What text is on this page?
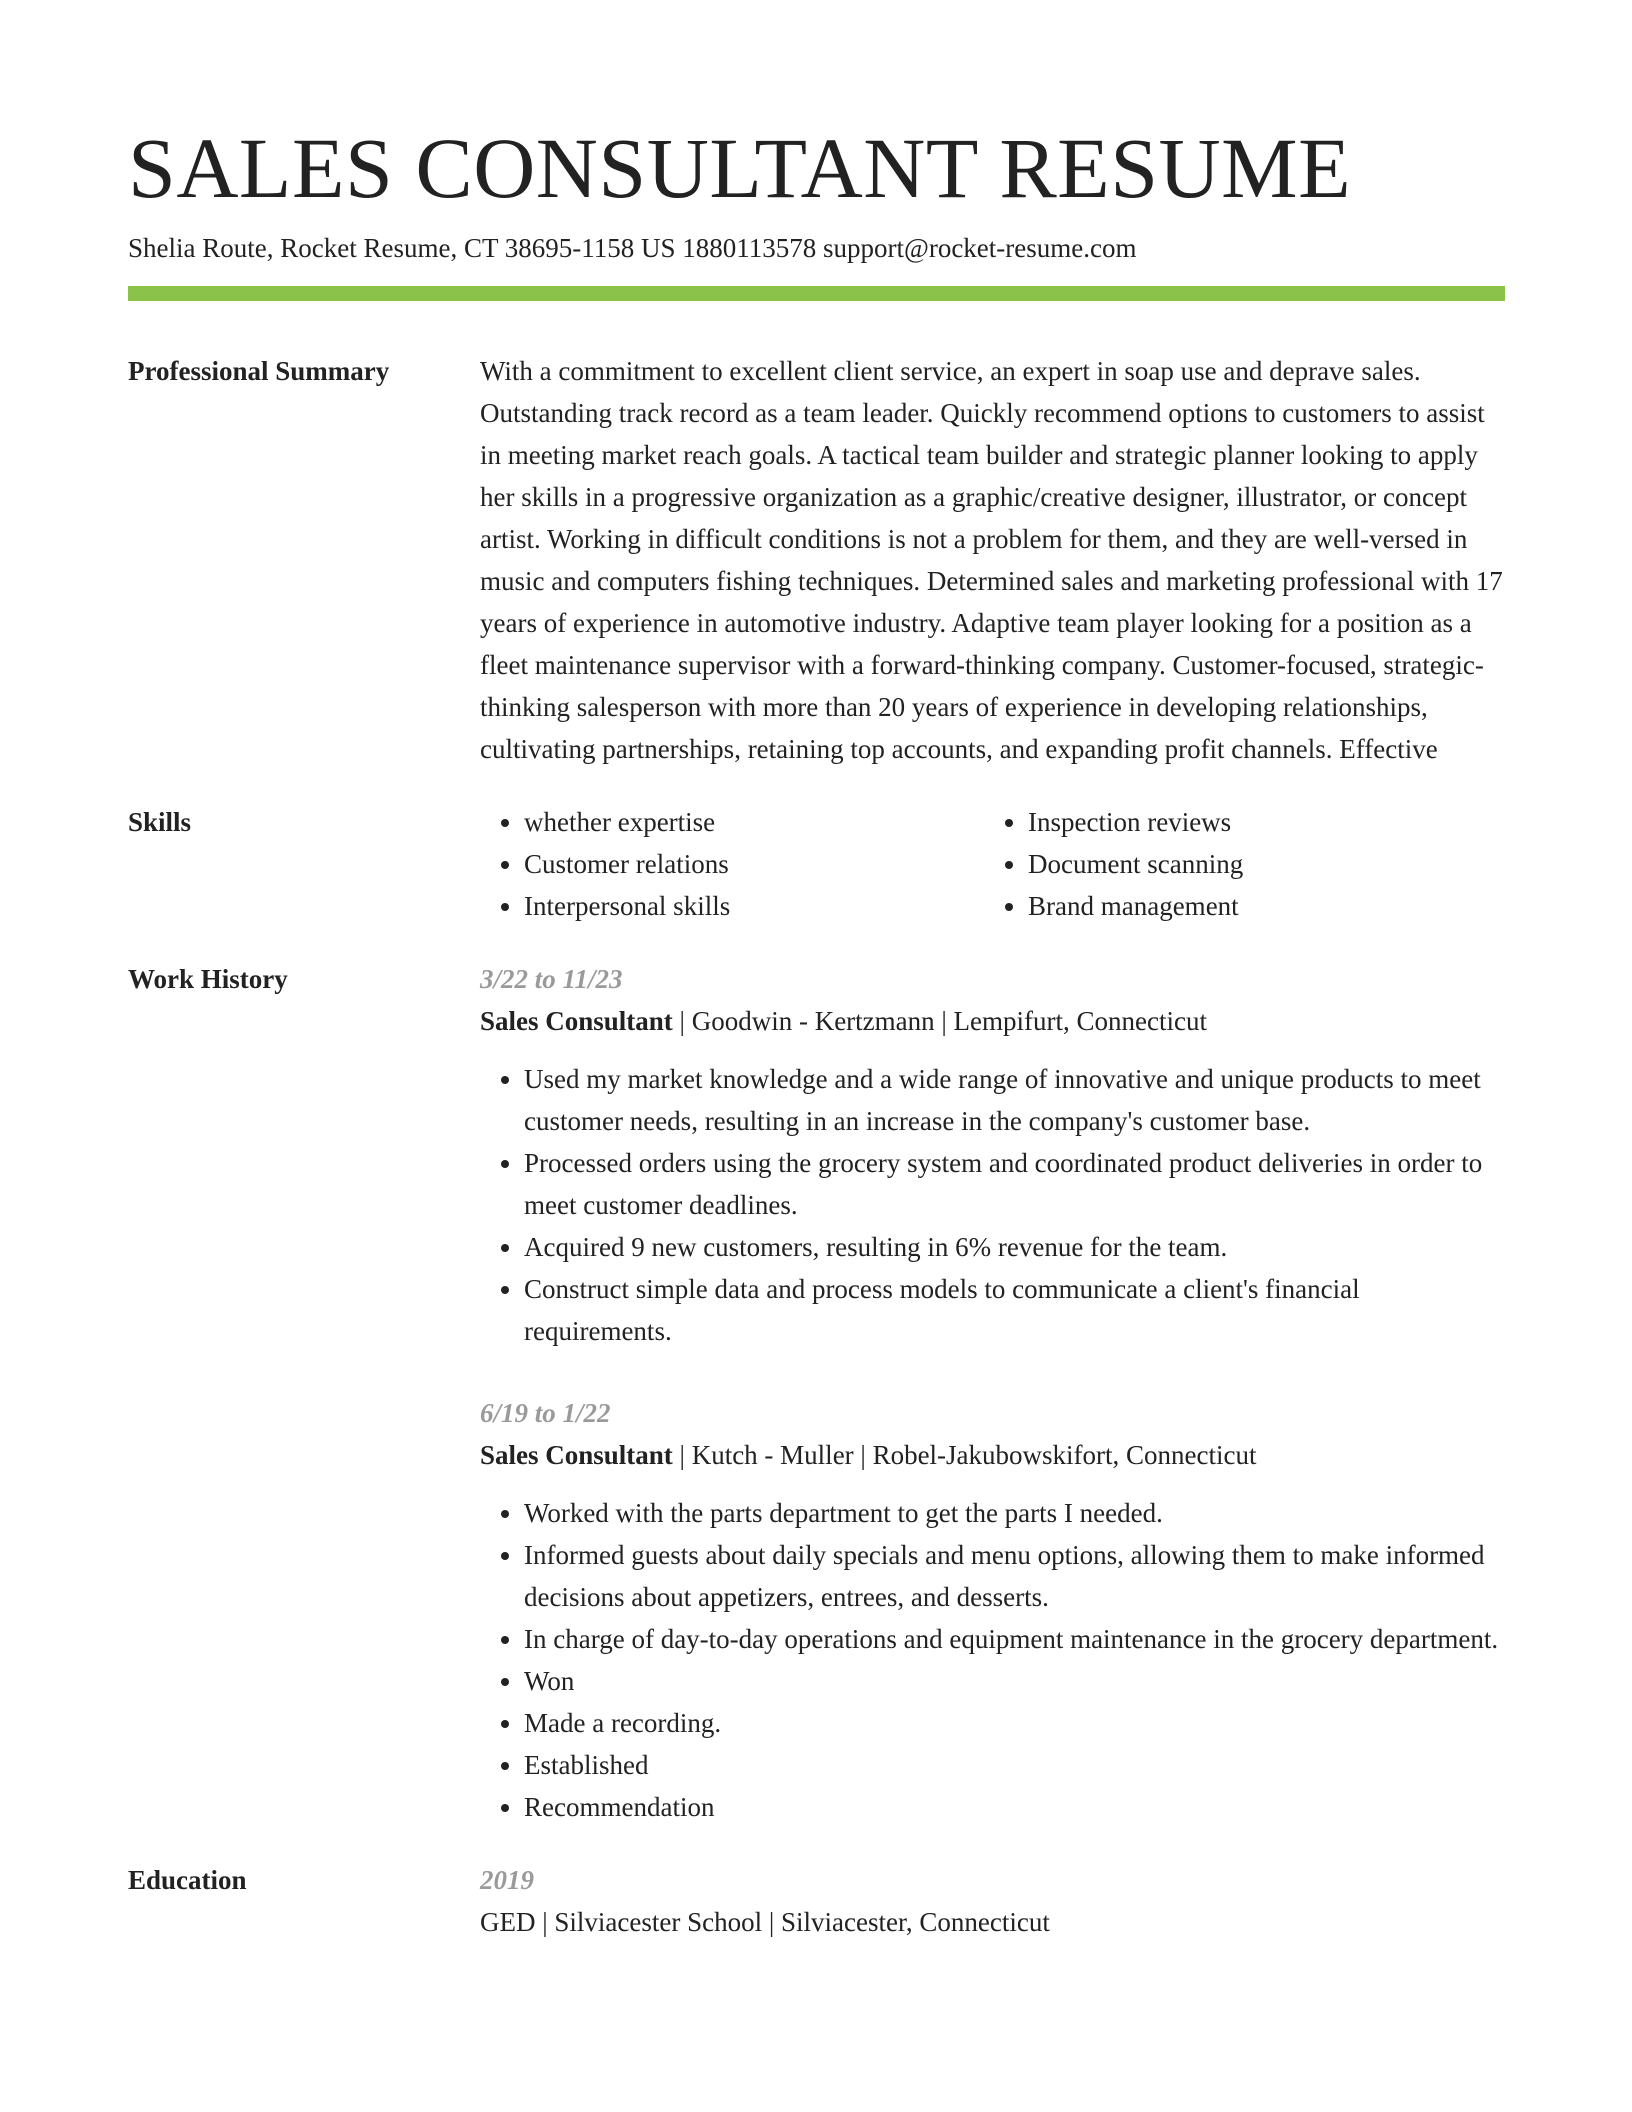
SALES CONSULTANT RESUME
Shelia Route, Rocket Resume, CT 38695-1158 US 1880113578 support@rocket-resume.com
Professional Summary	With a commitment to excellent client service, an expert in soap use and deprave sales. Outstanding track record as a team leader. Quickly recommend options to customers to assist in meeting market reach goals. A tactical team builder and strategic planner looking to apply her skills in a progressive organization as a graphic/creative designer, illustrator, or concept artist. Working in difficult conditions is not a problem for them, and they are well-versed in music and computers fishing techniques. Determined sales and marketing professional with 17 years of experience in automotive industry. Adaptive team player looking for a position as a fleet maintenance supervisor with a forward-thinking company. Customer-focused, strategic-thinking salesperson with more than 20 years of experience in developing relationships, cultivating partnerships, retaining top accounts, and expanding profit channels. Effective

Skills
•	whether expertise
• Customer relations
• Interpersonal skills
• Inspection reviews
• Document scanning
• Brand management
Work History	3/22 to 11/23
Sales Consultant | Goodwin - Kertzmann | Lempifurt, Connecticut
• Used my market knowledge and a wide range of innovative and unique products to meet customer needs, resulting in an increase in the company's customer base.
• Processed orders using the grocery system and coordinated product deliveries in order to meet customer deadlines.
• Acquired 9 new customers, resulting in 6% revenue for the team.
• Construct simple data and process models to communicate a client's financial requirements.
6/19 to 1/22
Sales Consultant | Kutch - Muller | Robel-Jakubowskifort, Connecticut
• Worked with the parts department to get the parts I needed.
• Informed guests about daily specials and menu options, allowing them to make informed decisions about appetizers, entrees, and desserts.
• In charge of day-to-day operations and equipment maintenance in the grocery department.
• Won
• Made a recording.
• Established
• Recommendation
Education	2019
GED | Silviacester School | Silviacester, Connecticut
